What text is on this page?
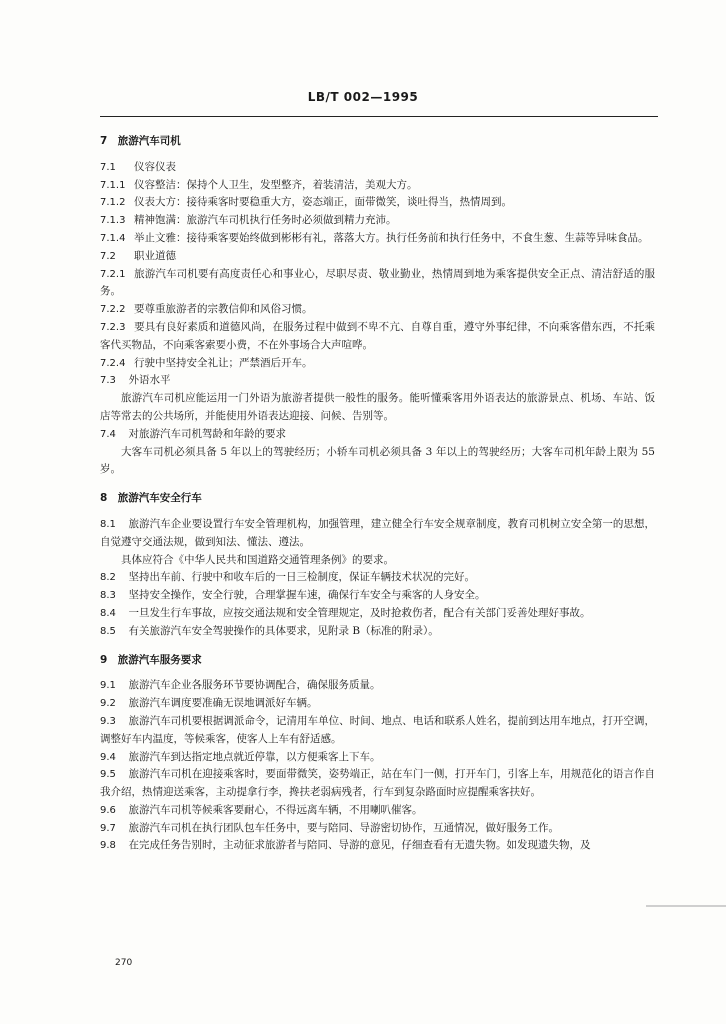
LB/T 002—1995
7　旅游汽车司机
7.1 仪容仪表
7.1.1 仪容整洁：保持个人卫生，发型整齐，着装清洁，美观大方。
7.1.2 仪表大方：接待乘客时要稳重大方，姿态端正，面带微笑，谈吐得当，热情周到。
7.1.3 精神饱满：旅游汽车司机执行任务时必须做到精力充沛。
7.1.4 举止文雅：接待乘客要始终做到彬彬有礼，落落大方。执行任务前和执行任务中，不食生葱、生蒜等异味食品。
7.2 职业道德
7.2.1 旅游汽车司机要有高度责任心和事业心，尽职尽责、敬业勤业，热情周到地为乘客提供安全正点、清洁舒适的服务。
7.2.2 要尊重旅游者的宗教信仰和风俗习惯。
7.2.3 要具有良好素质和道德风尚，在服务过程中做到不卑不亢、自尊自重，遵守外事纪律，不向乘客借东西，不托乘客代买物品，不向乘客索要小费，不在外事场合大声喧哗。
7.2.4 行驶中坚持安全礼让；严禁酒后开车。
7.3  外语水平
旅游汽车司机应能运用一门外语为旅游者提供一般性的服务。能听懂乘客用外语表达的旅游景点、机场、车站、饭店等常去的公共场所，并能使用外语表达迎接、问候、告别等。
7.4  对旅游汽车司机驾龄和年龄的要求
大客车司机必须具备 5 年以上的驾驶经历；小轿车司机必须具备 3 年以上的驾驶经历；大客车司机年龄上限为 55 岁。
8　旅游汽车安全行车
8.1  旅游汽车企业要设置行车安全管理机构，加强管理，建立健全行车安全规章制度，教育司机树立安全第一的思想，自觉遵守交通法规，做到知法、懂法、遵法。
具体应符合《中华人民共和国道路交通管理条例》的要求。
8.2  坚持出车前、行驶中和收车后的一日三检制度，保证车辆技术状况的完好。
8.3  坚持安全操作，安全行驶，合理掌握车速，确保行车安全与乘客的人身安全。
8.4  一旦发生行车事故，应按交通法规和安全管理规定，及时抢救伤者，配合有关部门妥善处理好事故。
8.5  有关旅游汽车安全驾驶操作的具体要求，见附录 B（标准的附录）。
9　旅游汽车服务要求
9.1  旅游汽车企业各服务环节要协调配合，确保服务质量。
9.2  旅游汽车调度要准确无误地调派好车辆。
9.3  旅游汽车司机要根据调派命令，记清用车单位、时间、地点、电话和联系人姓名，提前到达用车地点，打开空调，调整好车内温度，等候乘客，使客人上车有舒适感。
9.4  旅游汽车到达指定地点就近停靠，以方便乘客上下车。
9.5  旅游汽车司机在迎接乘客时，要面带微笑，姿势端正，站在车门一侧，打开车门，引客上车，用规范化的语言作自我介绍，热情迎送乘客，主动提拿行李，搀扶老弱病残者，行车到复杂路面时应提醒乘客扶好。
9.6  旅游汽车司机等候乘客要耐心，不得远离车辆，不用喇叭催客。
9.7  旅游汽车司机在执行团队包车任务中，要与陪同、导游密切协作，互通情况，做好服务工作。
9.8  在完成任务告别时，主动征求旅游者与陪同、导游的意见，仔细查看有无遗失物。如发现遗失物，及
270
